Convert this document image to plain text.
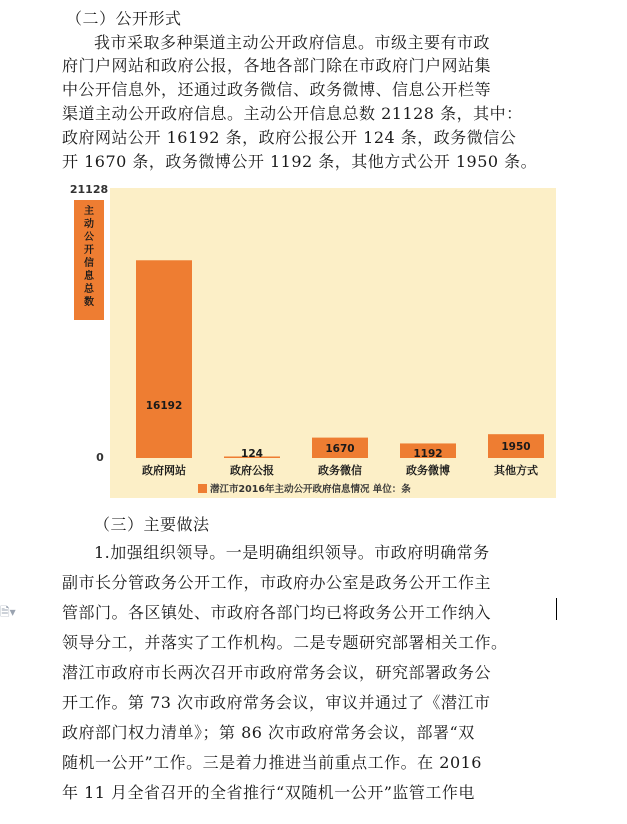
（二）公开形式
我市采取多种渠道主动公开政府信息。市级主要有市政
府门户网站和政府公报，各地各部门除在市政府门户网站集
中公开信息外，还通过政务微信、政务微博、信息公开栏等
渠道主动公开政府信息。主动公开信息总数 21128 条，其中：
政府网站公开 16192 条，政府公报公开 124 条，政务微信公
开 1670 条，政务微博公开 1192 条，其他方式公开 1950 条。
21128
0
主
动
公
开
信
息
总
数
16192
124	1670	1192
1950
政府网站	政府公报	政务微信	政务微博	其他方式
潜江市2016年主动公开政府信息情况 单位：条
（三）主要做法
1.加强组织领导。一是明确组织领导。市政府明确常务
副市长分管政务公开工作，市政府办公室是政务公开工作主
管部门。各区镇处、市政府各部门均已将政务公开工作纳入
领导分工，并落实了工作机构。二是专题研究部署相关工作。
潜江市政府市长两次召开市政府常务会议，研究部署政务公
开工作。第 73 次市政府常务会议，审议并通过了《潜江市
政府部门权力清单》；第 86 次市政府常务会议，部署“双
随机一公开”工作。三是着力推进当前重点工作。在 2016
年 11 月全省召开的全省推行“双随机一公开”监管工作电
🗎▾
